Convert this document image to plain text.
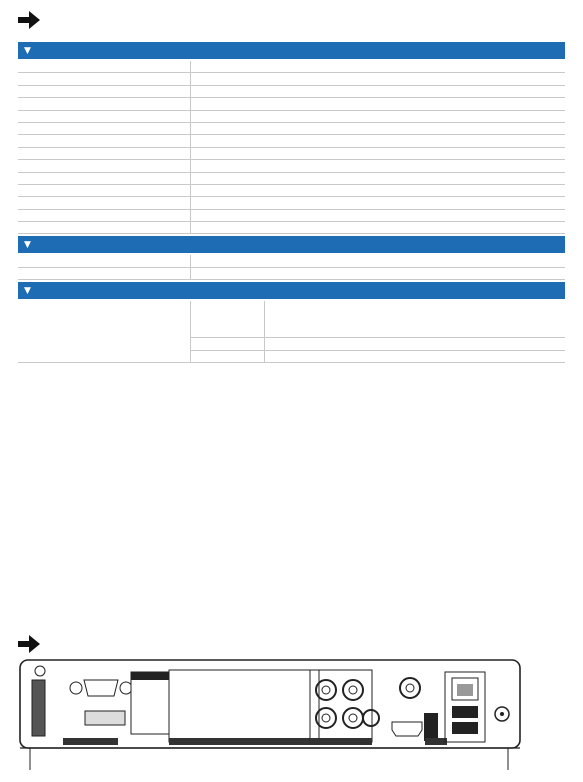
▼

▼

▼
